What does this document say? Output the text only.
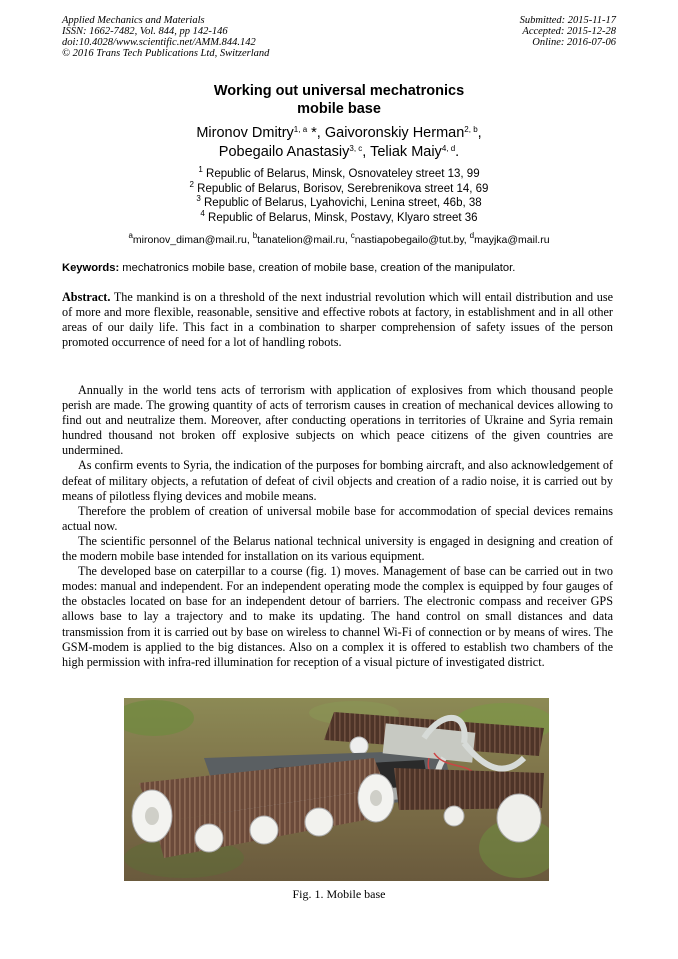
Applied Mechanics and Materials
ISSN: 1662-7482, Vol. 844, pp 142-146
doi:10.4028/www.scientific.net/AMM.844.142
© 2016 Trans Tech Publications Ltd, Switzerland
Submitted: 2015-11-17
Accepted: 2015-12-28
Online: 2016-07-06
Working out universal mechatronics
mobile base
Mironov Dmitry$^{1, a}$ *, Gaivoronskiy Herman$^{2, b}$,
Pobegailo Anastasiy$^{3, c}$, Teliak Maiy$^{4, d}$.
$^1$ Republic of Belarus, Minsk, Osnovateley street 13, 99
$^2$ Republic of Belarus, Borisov, Serebrenikova street 14, 69
$^3$ Republic of Belarus, Lyahovichi, Lenina street, 46b, 38
$^4$ Republic of Belarus, Minsk, Postavy, Klyaro street 36
$^a$mironov_diman@mail.ru, $^b$tanatelion@mail.ru, $^c$nastiapobegailo@tut.by, $^d$mayjka@mail.ru
Keywords: mechatronics mobile base, creation of mobile base, creation of the manipulator.

Abstract. The mankind is on a threshold of the next industrial revolution which will entail distribution and use of more and more flexible, reasonable, sensitive and effective robots at factory, in establishment and in all other areas of our daily life. This fact in a combination to sharper comprehension of safety issues of the person promoted occurrence of need for a lot of handling robots.

Annually in the world tens acts of terrorism with application of explosives from which thousand people perish are made. The growing quantity of acts of terrorism causes in creation of mechanical devices allowing to find out and neutralize them. Moreover, after conducting operations in territories of Ukraine and Syria remain hundred thousand not broken off explosive subjects on which peace citizens of the given countries are undermined.

As confirm events to Syria, the indication of the purposes for bombing aircraft, and also acknowledgement of defeat of military objects, a refutation of defeat of civil objects and creation of a radio noise, it is carried out by means of pilotless flying devices and mobile means.

Therefore the problem of creation of universal mobile base for accommodation of special devices remains actual now.

The scientific personnel of the Belarus national technical university is engaged in designing and creation of the modern mobile base intended for installation on its various equipment.

The developed base on caterpillar to a course (fig. 1) moves. Management of base can be carried out in two modes: manual and independent. For an independent operating mode the complex is equipped by four gauges of the obstacles located on base for an independent detour of barriers. The electronic compass and receiver GPS allows base to lay a trajectory and to make its updating. The hand control on small distances and data transmission from it is carried out by base on wireless to channel Wi-Fi of connection or by means of wires. The GSM-modem is applied to the big distances. Also on a complex it is offered to establish two chambers of the high permission with infra-red illumination for reception of a visual picture of investigated district.

Fig. 1. Mobile base
